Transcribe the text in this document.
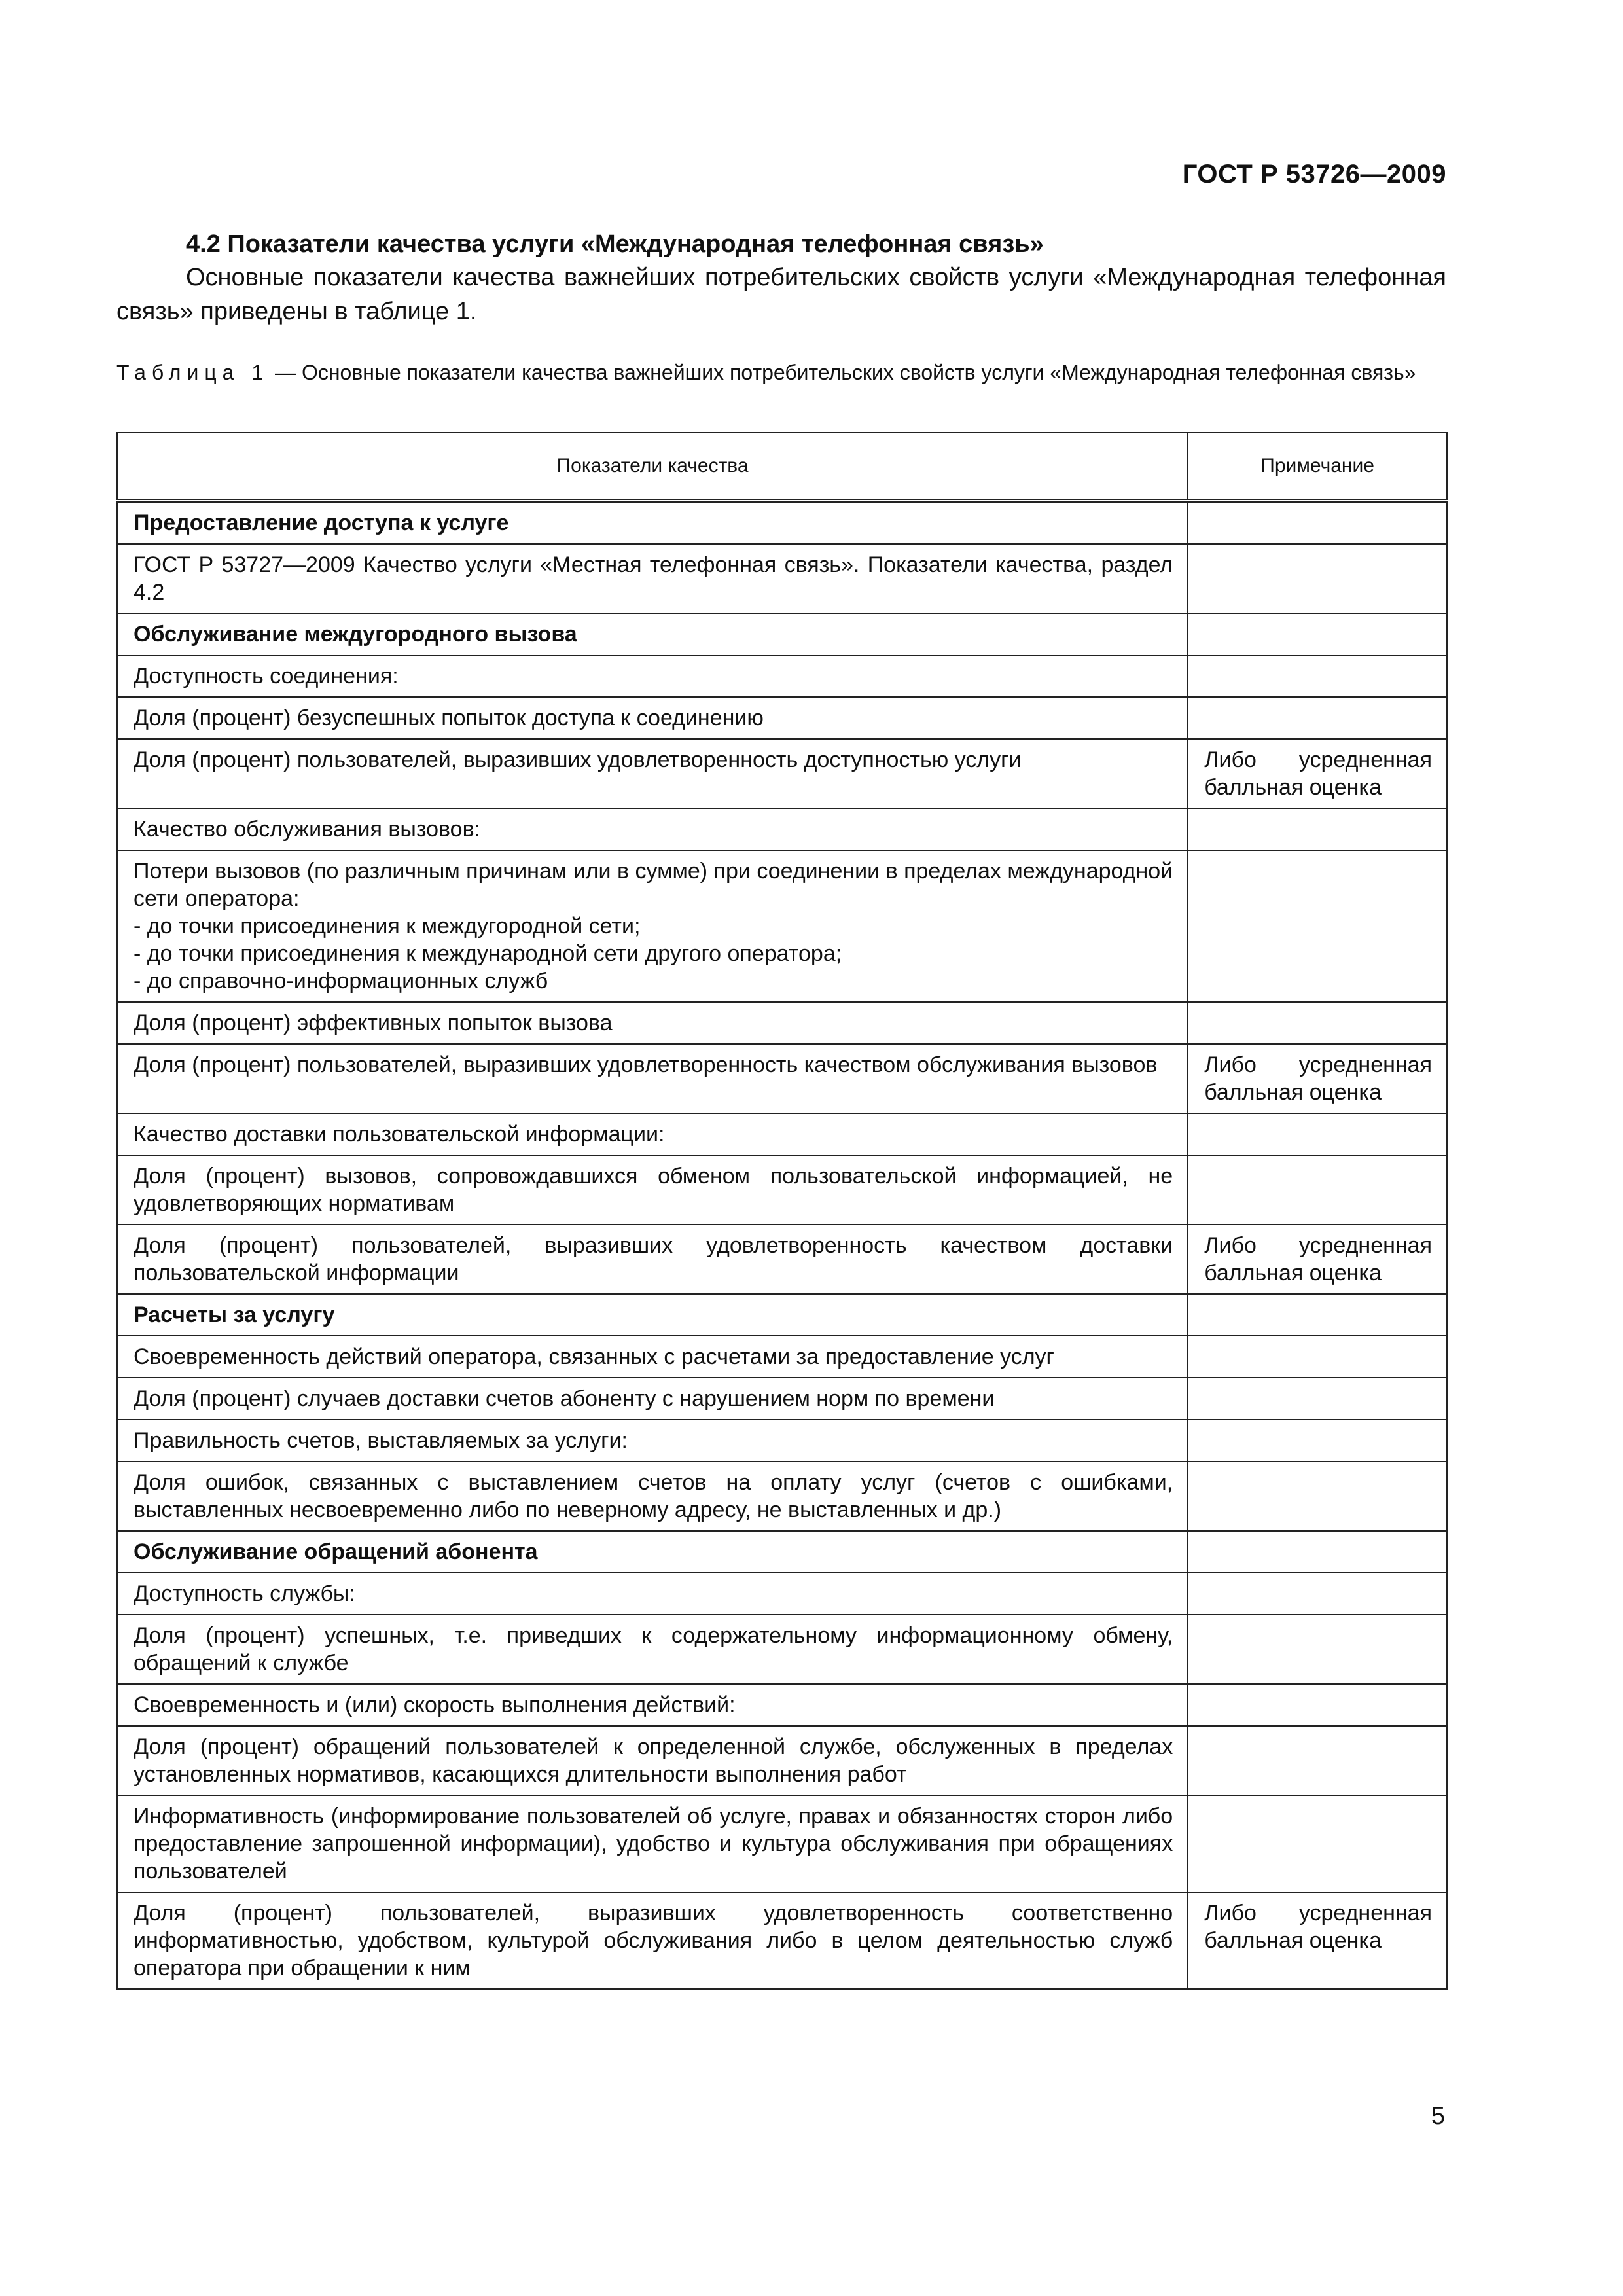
ГОСТ Р 53726—2009
4.2 Показатели качества услуги «Международная телефонная связь»

Основные показатели качества важнейших потребительских свойств услуги «Международная телефонная связь» приведены в таблице 1.

Таблица 1 — Основные показатели качества важнейших потребительских свойств услуги «Международная телефонная связь»
Показатели качества	Примечание
Предоставление доступа к услуге	
ГОСТ Р 53727—2009 Качество услуги «Местная телефонная связь». Показатели качества, раздел 4.2	
Обслуживание междугородного вызова	
Доступность соединения:	
Доля (процент) безуспешных попыток доступа к соединению	
Доля (процент) пользователей, выразивших удовлетворенность доступностью услуги	Либо усредненная балльная оценка
Качество обслуживания вызовов:	
Потери вызовов (по различным причинам или в сумме) при соединении в пределах международной сети оператора:
- до точки присоединения к междугородной сети;
- до точки присоединения к международной сети другого оператора;
- до справочно-информационных служб	
Доля (процент) эффективных попыток вызова	
Доля (процент) пользователей, выразивших удовлетворенность качеством обслуживания вызовов	Либо усредненная балльная оценка
Качество доставки пользовательской информации:	
Доля (процент) вызовов, сопровождавшихся обменом пользовательской информацией, не удовлетворяющих нормативам	
Доля (процент) пользователей, выразивших удовлетворенность качеством доставки пользовательской информации	Либо усредненная балльная оценка
Расчеты за услугу	
Своевременность действий оператора, связанных с расчетами за предоставление услуг	
Доля (процент) случаев доставки счетов абоненту с нарушением норм по времени	
Правильность счетов, выставляемых за услуги:	
Доля ошибок, связанных с выставлением счетов на оплату услуг (счетов с ошибками, выставленных несвоевременно либо по неверному адресу, не выставленных и др.)	
Обслуживание обращений абонента	
Доступность службы:	
Доля (процент) успешных, т.е. приведших к содержательному информационному обмену, обращений к службе	
Своевременность и (или) скорость выполнения действий:	
Доля (процент) обращений пользователей к определенной службе, обслуженных в пределах установленных нормативов, касающихся длительности выполнения работ	
Информативность (информирование пользователей об услуге, правах и обязанностях сторон либо предоставление запрошенной информации), удобство и культура обслуживания при обращениях пользователей	
Доля (процент) пользователей, выразивших удовлетворенность соответственно информативностью, удобством, культурой обслуживания либо в целом деятельностью служб оператора при обращении к ним	Либо усредненная балльная оценка
5
